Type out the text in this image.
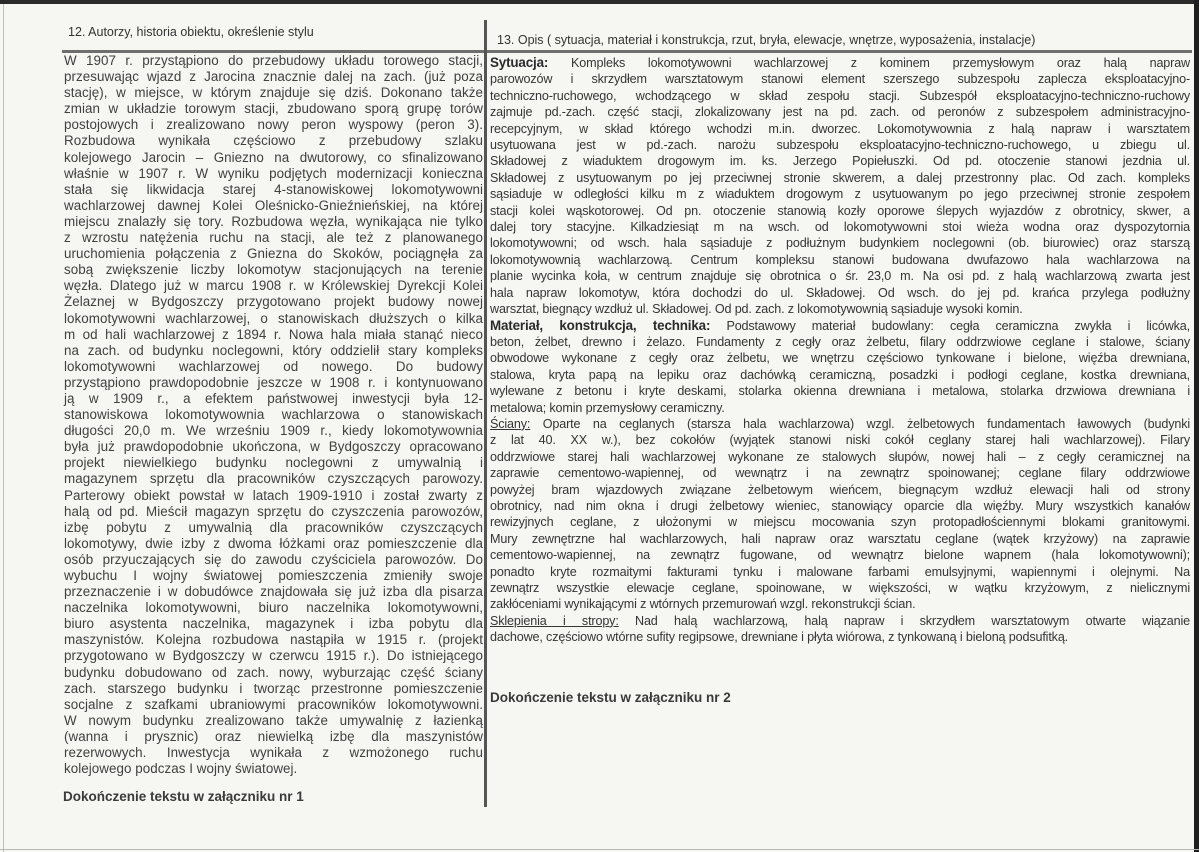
12. Autorzy, historia obiektu, określenie stylu
13. Opis ( sytuacja, materiał i konstrukcja, rzut, bryła, elewacje, wnętrze, wyposażenia, instalacje)
W 1907 r. przystąpiono do przebudowy układu torowego stacji,
przesuwając wjazd z Jarocina znacznie dalej na zach. (już poza
stację), w miejsce, w którym znajduje się dziś. Dokonano także
zmian w układzie torowym stacji, zbudowano sporą grupę torów
postojowych i zrealizowano nowy peron wyspowy (peron 3).
Rozbudowa wynikała częściowo z przebudowy szlaku
kolejowego Jarocin – Gniezno na dwutorowy, co sfinalizowano
właśnie w 1907 r. W wyniku podjętych modernizacji konieczna
stała się likwidacja starej 4-stanowiskowej lokomotywowni
wachlarzowej dawnej Kolei Oleśnicko-Gnieźnieńskiej, na której
miejscu znalazły się tory. Rozbudowa węzła, wynikająca nie tylko
z wzrostu natężenia ruchu na stacji, ale też z planowanego
uruchomienia połączenia z Gniezna do Skoków, pociągnęła za
sobą zwiększenie liczby lokomotyw stacjonujących na terenie
węzła. Dlatego już w marcu 1908 r. w Królewskiej Dyrekcji Kolei
Żelaznej w Bydgoszczy przygotowano projekt budowy nowej
lokomotywowni wachlarzowej, o stanowiskach dłuższych o kilka
m od hali wachlarzowej z 1894 r. Nowa hala miała stanąć nieco
na zach. od budynku noclegowni, który oddzielił stary kompleks
lokomotywowni wachlarzowej od nowego. Do budowy
przystąpiono prawdopodobnie jeszcze w 1908 r. i kontynuowano
ją w 1909 r., a efektem państwowej inwestycji była 12-
stanowiskowa lokomotywownia wachlarzowa o stanowiskach
długości 20,0 m. We wrześniu 1909 r., kiedy lokomotywownia
była już prawdopodobnie ukończona, w Bydgoszczy opracowano
projekt niewielkiego budynku noclegowni z umywalnią i
magazynem sprzętu dla pracowników czyszczących parowozy.
Parterowy obiekt powstał w latach 1909-1910 i został zwarty z
halą od pd. Mieścił magazyn sprzętu do czyszczenia parowozów,
izbę pobytu z umywalnią dla pracowników czyszczących
lokomotywy, dwie izby z dwoma łóżkami oraz pomieszczenie dla
osób przyuczających się do zawodu czyściciela parowozów. Do
wybuchu I wojny światowej pomieszczenia zmieniły swoje
przeznaczenie i w dobudówce znajdowała się już izba dla pisarza
naczelnika lokomotywowni, biuro naczelnika lokomotywowni,
biuro asystenta naczelnika, magazynek i izba pobytu dla
maszynistów. Kolejna rozbudowa nastąpiła w 1915 r. (projekt
przygotowano w Bydgoszczy w czerwcu 1915 r.). Do istniejącego
budynku dobudowano od zach. nowy, wyburzając część ściany
zach. starszego budynku i tworząc przestronne pomieszczenie
socjalne z szafkami ubraniowymi pracowników lokomotywowni.
W nowym budynku zrealizowano także umywalnię z łazienką
(wanna i prysznic) oraz niewielką izbę dla maszynistów
rezerwowych. Inwestycja wynikała z wzmożonego ruchu
kolejowego podczas I wojny światowej.
Dokończenie tekstu w załączniku nr 1
Sytuacja: Kompleks lokomotywowni wachlarzowej z kominem przemysłowym oraz halą napraw
parowozów i skrzydłem warsztatowym stanowi element szerszego subzespołu zaplecza eksploatacyjno-
techniczno-ruchowego, wchodzącego w skład zespołu stacji. Subzespół eksploatacyjno-techniczno-ruchowy
zajmuje pd.-zach. część stacji, zlokalizowany jest na pd. zach. od peronów z subzespołem administracyjno-
recepcyjnym, w skład którego wchodzi m.in. dworzec. Lokomotywownia z halą napraw i warsztatem
usytuowana jest w pd.-zach. narożu subzespołu eksploatacyjno-techniczno-ruchowego, u zbiegu ul.
Składowej z wiaduktem drogowym im. ks. Jerzego Popiełuszki. Od pd. otoczenie stanowi jezdnia ul.
Składowej z usytuowanym po jej przeciwnej stronie skwerem, a dalej przestronny plac. Od zach. kompleks
sąsiaduje w odległości kilku m z wiaduktem drogowym z usytuowanym po jego przeciwnej stronie zespołem
stacji kolei wąskotorowej. Od pn. otoczenie stanowią kozły oporowe ślepych wyjazdów z obrotnicy, skwer, a
dalej tory stacyjne. Kilkadziesiąt m na wsch. od lokomotywowni stoi wieża wodna oraz dyspozytornia
lokomotywowni; od wsch. hala sąsiaduje z podłużnym budynkiem noclegowni (ob. biurowiec) oraz starszą
lokomotywownią wachlarzową. Centrum kompleksu stanowi budowana dwufazowo hala wachlarzowa na
planie wycinka koła, w centrum znajduje się obrotnica o śr. 23,0 m. Na osi pd. z halą wachlarzową zwarta jest
hala napraw lokomotyw, która dochodzi do ul. Składowej. Od wsch. do jej pd. krańca przylega podłużny
warsztat, biegnący wzdłuż ul. Składowej. Od pd. zach. z lokomotywownią sąsiaduje wysoki komin.
Materiał, konstrukcja, technika: Podstawowy materiał budowlany: cegła ceramiczna zwykła i licówka,
beton, żelbet, drewno i żelazo. Fundamenty z cegły oraz żelbetu, filary oddrzwiowe ceglane i stalowe, ściany
obwodowe wykonane z cegły oraz żelbetu, we wnętrzu częściowo tynkowane i bielone, więźba drewniana,
stalowa, kryta papą na lepiku oraz dachówką ceramiczną, posadzki i podłogi ceglane, kostka drewniana,
wylewane z betonu i kryte deskami, stolarka okienna drewniana i metalowa, stolarka drzwiowa drewniana i
metalowa; komin przemysłowy ceramiczny.
Ściany: Oparte na ceglanych (starsza hala wachlarzowa) wzgl. żelbetowych fundamentach ławowych (budynki
z lat 40. XX w.), bez cokołów (wyjątek stanowi niski cokół ceglany starej hali wachlarzowej). Filary
oddrzwiowe starej hali wachlarzowej wykonane ze stalowych słupów, nowej hali – z cegły ceramicznej na
zaprawie cementowo-wapiennej, od wewnątrz i na zewnątrz spoinowanej; ceglane filary oddrzwiowe
powyżej bram wjazdowych związane żelbetowym wieńcem, biegnącym wzdłuż elewacji hali od strony
obrotnicy, nad nim okna i drugi żelbetowy wieniec, stanowiący oparcie dla więźby. Mury wszystkich kanałów
rewizyjnych ceglane, z ułożonymi w miejscu mocowania szyn protopadłościennymi blokami granitowymi.
Mury zewnętrzne hal wachlarzowych, hali napraw oraz warsztatu ceglane (wątek krzyżowy) na zaprawie
cementowo-wapiennej, na zewnątrz fugowane, od wewnątrz bielone wapnem (hala lokomotywowni);
ponadto kryte rozmaitymi fakturami tynku i malowane farbami emulsyjnymi, wapiennymi i olejnymi. Na
zewnątrz wszystkie elewacje ceglane, spoinowane, w większości, w wątku krzyżowym, z nielicznymi
zakłóceniami wynikającymi z wtórnych przemurowań wzgl. rekonstrukcji ścian.
Sklepienia i stropy: Nad halą wachlarzową, halą napraw i skrzydłem warsztatowym otwarte wiązanie
dachowe, częściowo wtórne sufity regipsowe, drewniane i płyta wiórowa, z tynkowaną i bieloną podsufitką.
Dokończenie tekstu w załączniku nr 2
